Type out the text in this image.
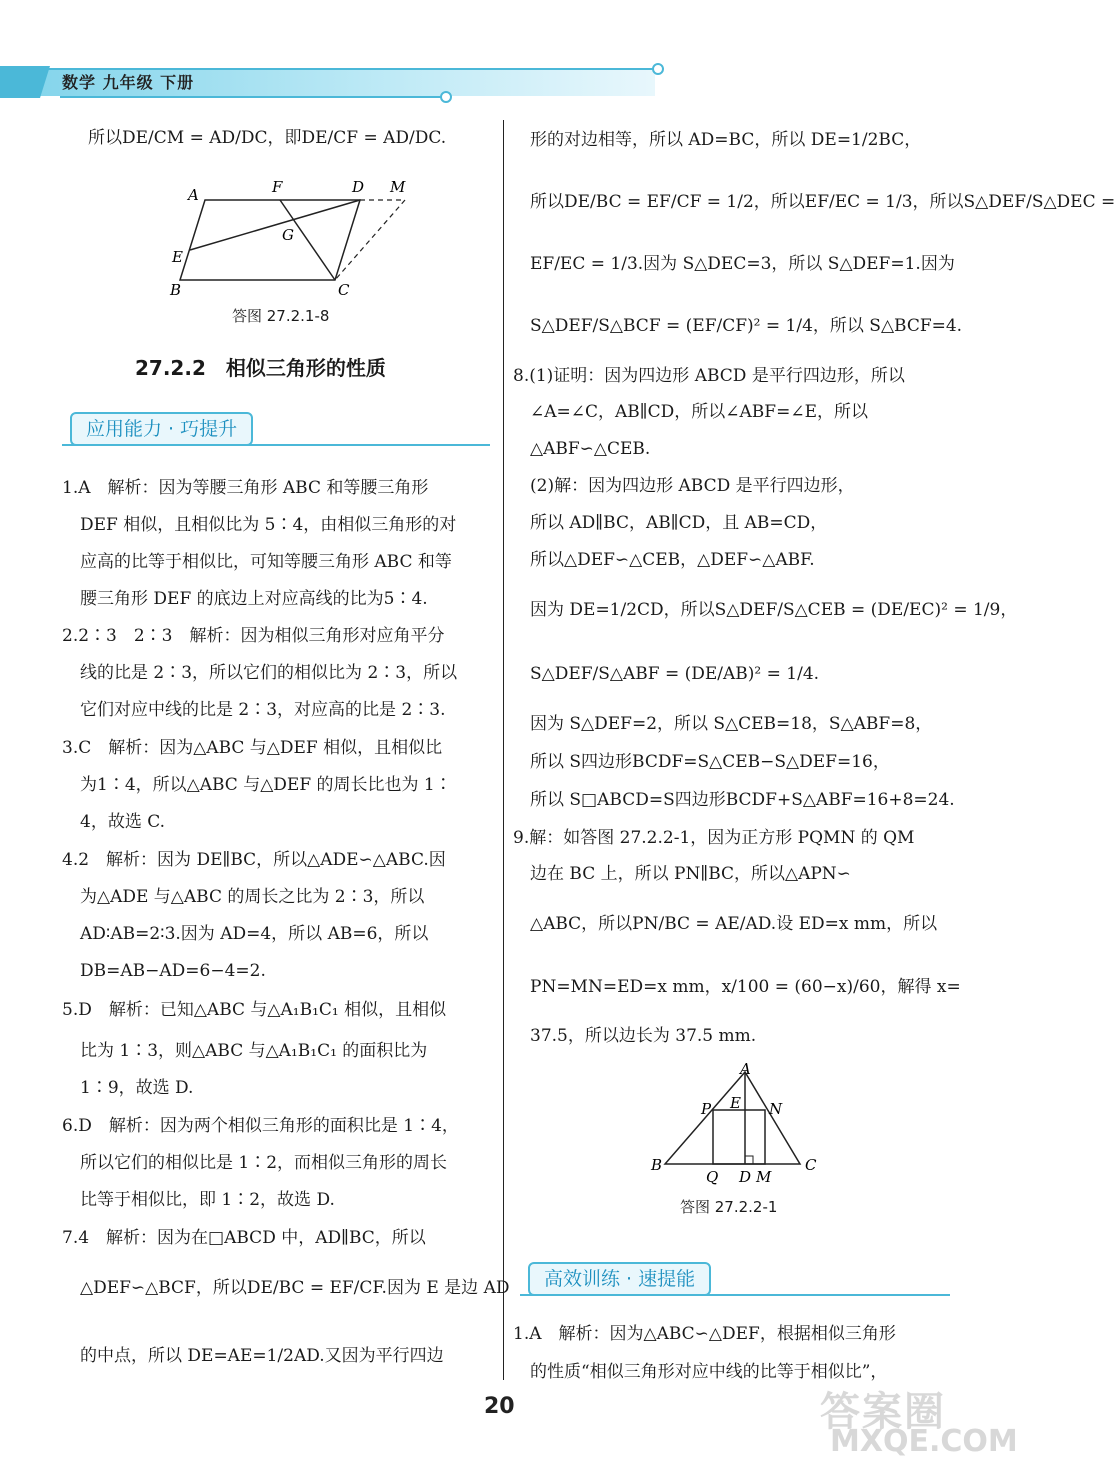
数学 九年级 下册
所以DE/CM = AD/DC，即DE/CF = AD/DC.
A	F	D M
G
E
B	C
答图 27.2.1-8
27.2.2　相似三角形的性质
应用能力 · 巧提升
1.A　解析：因为等腰三角形 ABC 和等腰三角形
DEF 相似，且相似比为 5∶4，由相似三角形的对
应高的比等于相似比，可知等腰三角形 ABC 和等
腰三角形 DEF 的底边上对应高线的比为5∶4.
2.2∶3　2∶3　解析：因为相似三角形对应角平分
线的比是 2∶3，所以它们的相似比为 2∶3，所以
它们对应中线的比是 2∶3，对应高的比是 2∶3.
3.C　解析：因为△ABC 与△DEF 相似，且相似比
为1∶4，所以△ABC 与△DEF 的周长比也为 1∶
4，故选 C.
4.2　解析：因为 DE∥BC，所以△ADE∽△ABC.因
为△ADE 与△ABC 的周长之比为 2∶3，所以
AD∶AB=2∶3.因为 AD=4，所以 AB=6，所以
DB=AB−AD=6−4=2.
5.D　解析：已知△ABC 与△A₁B₁C₁ 相似，且相似
比为 1∶3，则△ABC 与△A₁B₁C₁ 的面积比为
1∶9，故选 D.
6.D　解析：因为两个相似三角形的面积比是 1∶4，
所以它们的相似比是 1∶2，而相似三角形的周长
比等于相似比，即 1∶2，故选 D.
7.4　解析：因为在□ABCD 中，AD∥BC，所以
△DEF∽△BCF，所以DE/BC = EF/CF.因为 E 是边 AD
的中点，所以 DE=AE=1/2AD.又因为平行四边
形的对边相等，所以 AD=BC，所以 DE=1/2BC，
所以DE/BC = EF/CF = 1/2，所以EF/EC = 1/3，所以S△DEF/S△DEC =
EF/EC = 1/3.因为 S△DEC=3，所以 S△DEF=1.因为
S△DEF/S△BCF = (EF/CF)² = 1/4，所以 S△BCF=4.
8.(1)证明：因为四边形 ABCD 是平行四边形，所以
∠A=∠C，AB∥CD，所以∠ABF=∠E，所以
△ABF∽△CEB.
(2)解：因为四边形 ABCD 是平行四边形，
所以 AD∥BC，AB∥CD，且 AB=CD，
所以△DEF∽△CEB，△DEF∽△ABF.
因为 DE=1/2CD，所以S△DEF/S△CEB = (DE/EC)² = 1/9，
S△DEF/S△ABF = (DE/AB)² = 1/4.
因为 S△DEF=2，所以 S△CEB=18，S△ABF=8，
所以 S四边形BCDF=S△CEB−S△DEF=16，
所以 S□ABCD=S四边形BCDF+S△ABF=16+8=24.
9.解：如答图 27.2.2-1，因为正方形 PQMN 的 QM
边在 BC 上，所以 PN∥BC，所以△APN∽
△ABC，所以PN/BC = AE/AD.设 ED=x mm，所以
PN=MN=ED=x mm，x/100 = (60−x)/60，解得 x=
37.5，所以边长为 37.5 mm.
A
P E N
B
Q D M
C
答图 27.2.2-1
高效训练 · 速提能
1.A　解析：因为△ABC∽△DEF，根据相似三角形
的性质“相似三角形对应中线的比等于相似比”，
20	答案圈
MXQE.COM
